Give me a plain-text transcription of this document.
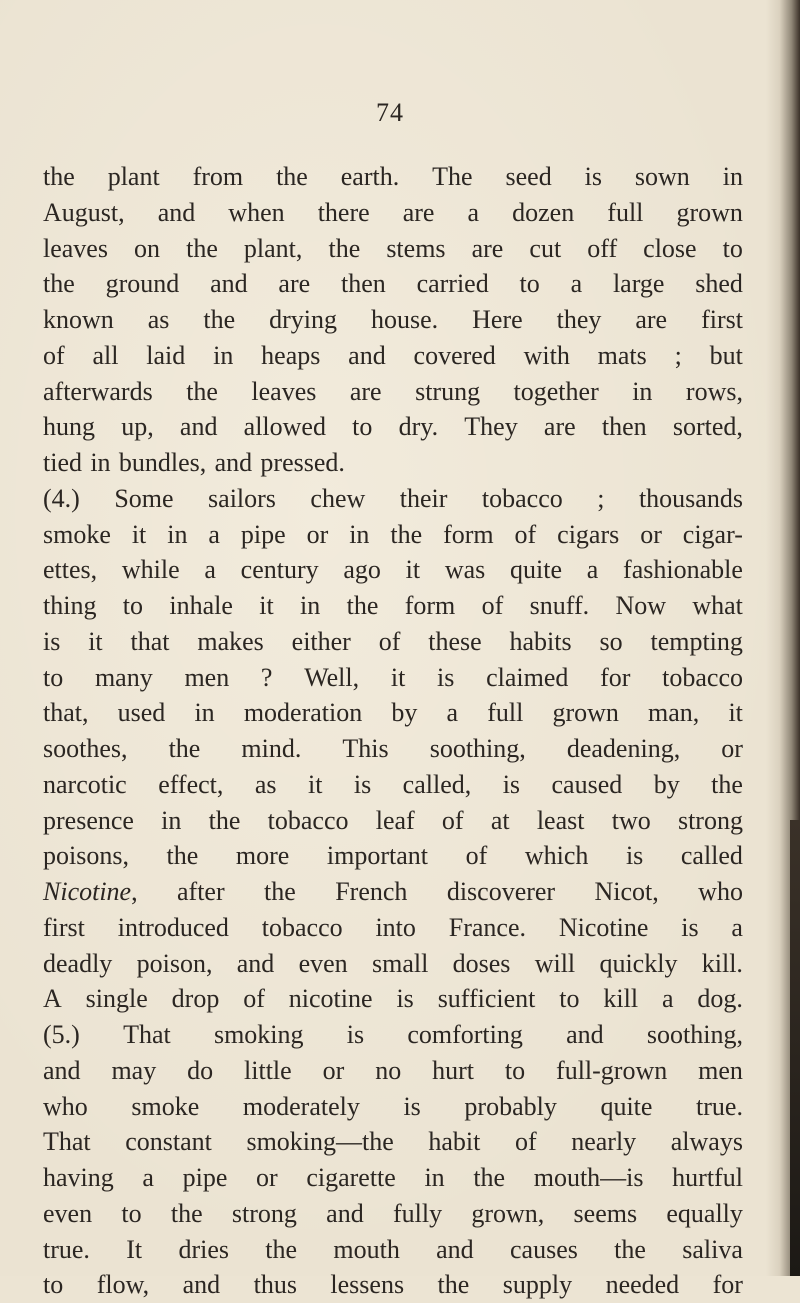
74
the plant from the earth. The seed is sown in
August, and when there are a dozen full grown
leaves on the plant, the stems are cut off close to
the ground and are then carried to a large shed
known as the drying house. Here they are first
of all laid in heaps and covered with mats ; but
afterwards the leaves are strung together in rows,
hung up, and allowed to dry. They are then sorted,
tied in bundles, and pressed.
(4.) Some sailors chew their tobacco ; thousands
smoke it in a pipe or in the form of cigars or cigar-
ettes, while a century ago it was quite a fashionable
thing to inhale it in the form of snuff. Now what
is it that makes either of these habits so tempting
to many men ? Well, it is claimed for tobacco
that, used in moderation by a full grown man, it
soothes, the mind. This soothing, deadening, or
narcotic effect, as it is called, is caused by the
presence in the tobacco leaf of at least two strong
poisons, the more important of which is called
Nicotine, after the French discoverer Nicot, who
first introduced tobacco into France. Nicotine is a
deadly poison, and even small doses will quickly kill.
A single drop of nicotine is sufficient to kill a dog.
(5.) That smoking is comforting and soothing,
and may do little or no hurt to full-grown men
who smoke moderately is probably quite true.
That constant smoking—the habit of nearly always
having a pipe or cigarette in the mouth—is hurtful
even to the strong and fully grown, seems equally
true. It dries the mouth and causes the saliva
to flow, and thus lessens the supply needed for
